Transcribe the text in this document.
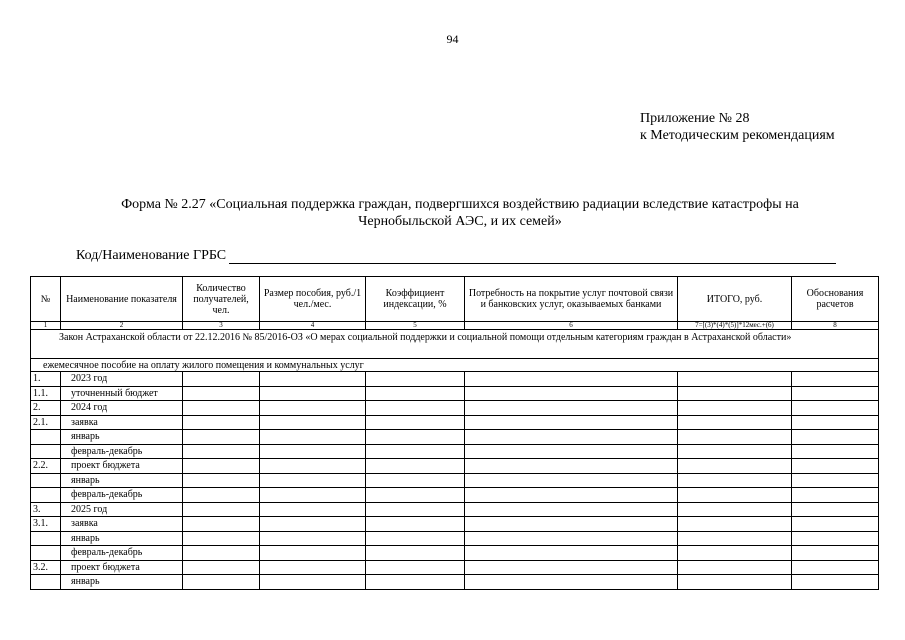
94
Приложение № 28
к Методическим рекомендациям
Форма № 2.27 «Социальная поддержка граждан, подвергшихся воздействию радиации вследствие катастрофы на
Чернобыльской АЭС, и их семей»
Код/Наименование ГРБС
№	Наименование показателя	Количество получателей, чел.	Размер пособия, руб./1 чел./мес.	Коэффициент индексации, %	Потребность на покрытие услуг почтовой связи и банковских услуг, оказываемых банками	ИТОГО, руб.	Обоснования расчетов
1	2	3	4	5	6	7=[(3)*(4)*(5)]*12мес.+(6)	8

Закон Астраханской области от 22.12.2016 № 85/2016-ОЗ «О мерах социальной поддержки и социальной помощи отдельным категориям граждан в Астраханской области»							

ежемесячное пособие на оплату жилого помещения и коммунальных услуг							

1.	2023 год						
1.1.	уточненный бюджет						
2.	2024 год						
2.1.	заявка						
	январь						
	февраль-декабрь						
2.2.	проект бюджета						
	январь						
	февраль-декабрь						
3.	2025 год						
3.1.	заявка						
	январь						
	февраль-декабрь						
3.2.	проект бюджета						
	январь						
